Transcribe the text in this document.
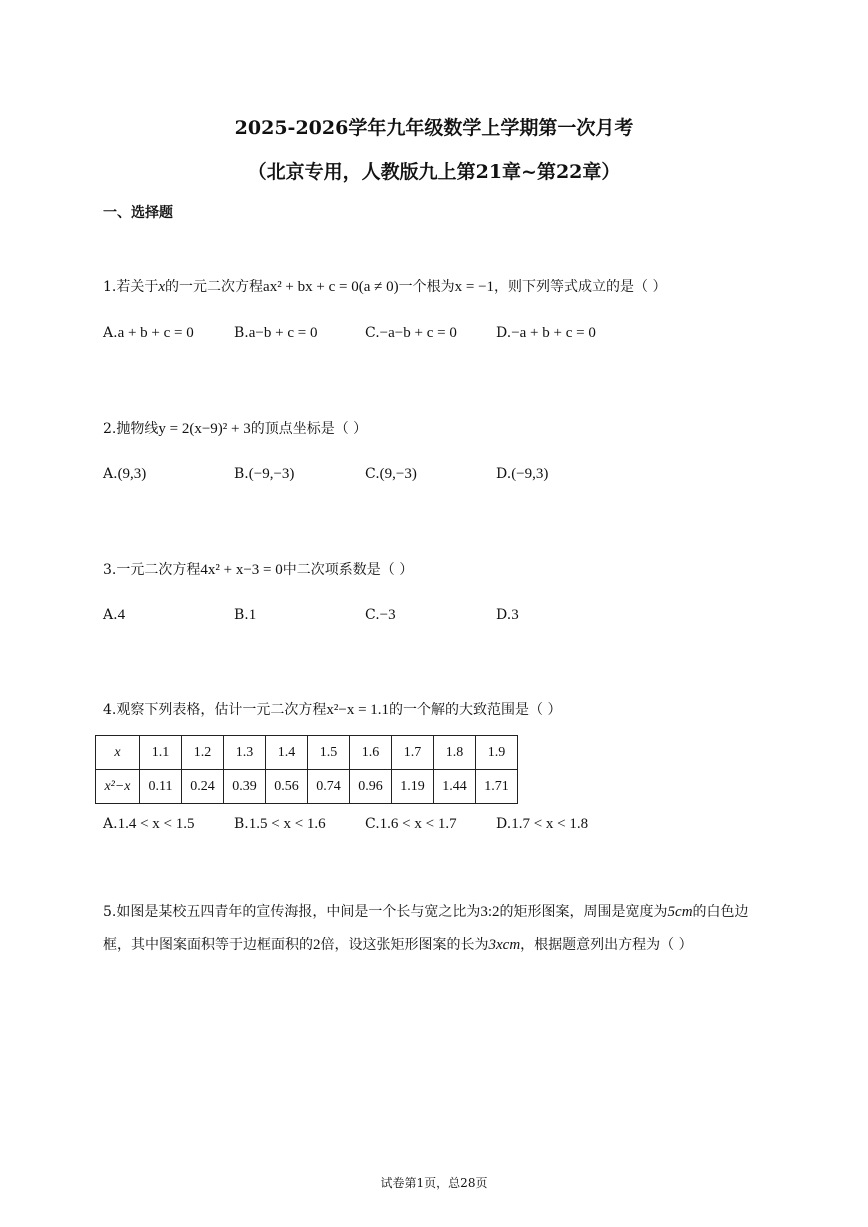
2025-2026学年九年级数学上学期第一次月考
（北京专用，人教版九上第21章~第22章）
一、选择题
1.若关于x的一元二次方程ax² + bx + c = 0(a ≠ 0)一个根为x = −1，则下列等式成立的是（ ）
A.a + b + c = 0	B.a−b + c = 0	C.−a−b + c = 0	D.−a + b + c = 0
2.抛物线y = 2(x−9)² + 3的顶点坐标是（ ）
A.(9,3)	B.(−9,−3)	C.(9,−3)	D.(−9,3)
3.一元二次方程4x² + x−3 = 0中二次项系数是（ ）
A.4	B.1	C.−3	D.3
4.观察下列表格，估计一元二次方程x²−x = 1.1的一个解的大致范围是（ ）
x	1.1	1.2	1.3	1.4	1.5	1.6	1.7	1.8	1.9
x²−x	0.11	0.24	0.39	0.56	0.74	0.96	1.19	1.44	1.71
A.1.4 < x < 1.5	B.1.5 < x < 1.6	C.1.6 < x < 1.7	D.1.7 < x < 1.8
5.如图是某校五四青年的宣传海报，中间是一个长与宽之比为3:2的矩形图案，周围是宽度为5cm的白色边框，其中图案面积等于边框面积的2倍，设这张矩形图案的长为3xcm，根据题意列出方程为（ ）
试卷第1页，总28页
